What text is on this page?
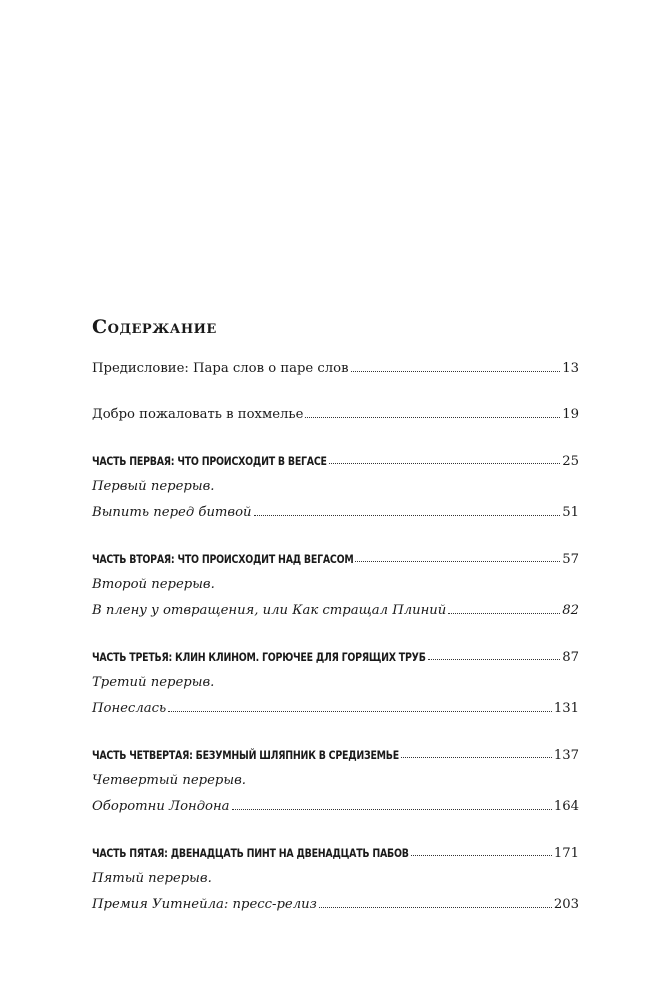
Содержание
Предисловие: Пара слов о паре слов	13
Добро пожаловать в похмелье	19
ЧАСТЬ ПЕРВАЯ: ЧТО ПРОИСХОДИТ В ВЕГАСЕ	25
Первый перерыв.
Выпить перед битвой	51
ЧАСТЬ ВТОРАЯ: ЧТО ПРОИСХОДИТ НАД ВЕГАСОМ	57
Второй перерыв.
В плену у отвращения, или Как стращал Плиний	82
ЧАСТЬ ТРЕТЬЯ: КЛИН КЛИНОМ. ГОРЮЧЕЕ ДЛЯ ГОРЯЩИХ ТРУБ	87
Третий перерыв.
Понеслась	131
ЧАСТЬ ЧЕТВЕРТАЯ: БЕЗУМНЫЙ ШЛЯПНИК В СРЕДИЗЕМЬЕ	137
Четвертый перерыв.
Оборотни Лондона	164
ЧАСТЬ ПЯТАЯ: ДВЕНАДЦАТЬ ПИНТ НА ДВЕНАДЦАТЬ ПАБОВ	171
Пятый перерыв.
Премия Уитнейла: пресс-релиз	203
